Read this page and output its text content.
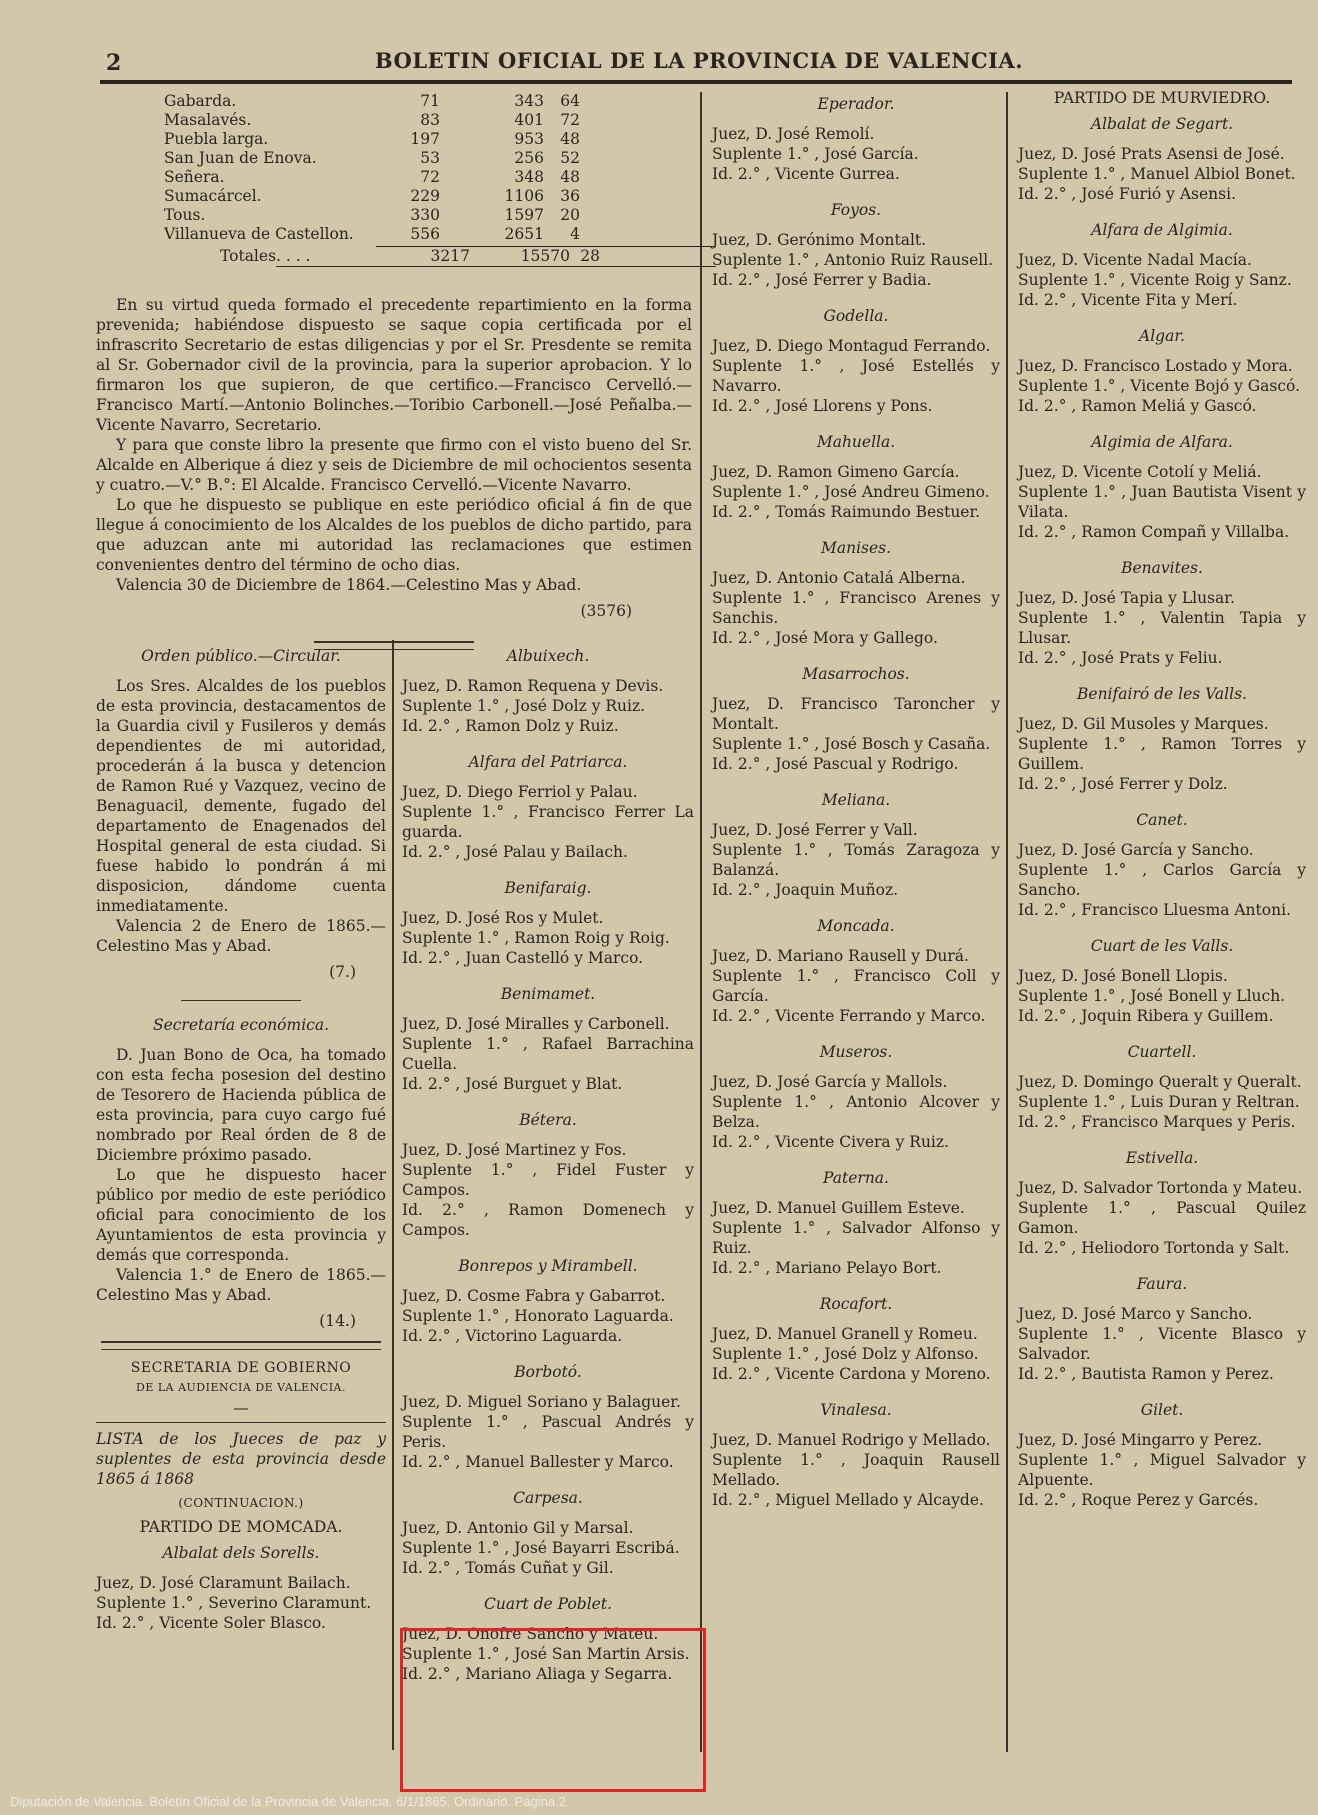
2	BOLETIN OFICIAL DE LA PROVINCIA DE VALENCIA.
Gabarda.	71	343	64
Masalavés.	83	401	72
Puebla larga.	197	953	48
San Juan de Enova.	53	256	52
Señera.	72	348	48
Sumacárcel.	229	1106	36
Tous.	330	1597	20
Villanueva de Castellon.	556	2651	4
Totales. . . .		3217	15570	28

En su virtud queda formado el precedente repartimiento en la forma prevenida; habiéndose dispuesto se saque copia certificada por el infrascrito Secretario de estas diligencias y por el Sr. Presdente se remita al Sr. Gobernador civil de la provincia, para la superior aprobacion. Y lo firmaron los que supieron, de que certifico.—Francisco Cervelló.—Francisco Martí.—Antonio Bolinches.—Toribio Carbonell.—José Peñalba.—Vicente Navarro, Secretario.

Y para que conste libro la presente que firmo con el visto bueno del Sr. Alcalde en Alberique á diez y seis de Diciembre de mil ochocientos sesenta y cuatro.—V.° B.°: El Alcalde. Francisco Cervelló.—Vicente Navarro.

Lo que he dispuesto se publique en este periódico oficial á fin de que llegue á conocimiento de los Alcaldes de los pueblos de dicho partido, para que aduzcan ante mi autoridad las reclamaciones que estimen convenientes dentro del término de ocho dias.

Valencia 30 de Diciembre de 1864.—Celestino Mas y Abad.

(3576)

Orden público.—Circular.

Los Sres. Alcaldes de los pueblos de esta provincia, destacamentos de la Guardia civil y Fusileros y demás dependientes de mi autoridad, procederán á la busca y detencion de Ramon Rué y Vazquez, vecino de Benaguacil, demente, fugado del departamento de Enagenados del Hospital general de esta ciudad. Si fuese habido lo pondrán á mi disposicion, dándome cuenta inmediatamente.

Valencia 2 de Enero de 1865.—Celestino Mas y Abad.

(7.)

Secretaría económica.

D. Juan Bono de Oca, ha tomado con esta fecha posesion del destino de Tesorero de Hacienda pública de esta provincia, para cuyo cargo fué nombrado por Real órden de 8 de Diciembre próximo pasado.

Lo que he dispuesto hacer público por medio de este periódico oficial para conocimiento de los Ayuntamientos de esta provincia y demás que corresponda.

Valencia 1.° de Enero de 1865.—Celestino Mas y Abad.

(14.)

SECRETARIA DE GOBIERNO
DE LA AUDIENCIA DE VALENCIA.
—
LISTA de los Jueces de paz y suplentes de esta provincia desde 1865 á 1868
(CONTINUACION.)
PARTIDO DE MOMCADA.
Albalat dels Sorells.

Juez, D. José Claramunt Bailach.

Suplente 1.° , Severino Claramunt.

Id. 2.° , Vicente Soler Blasco.

Albuixech.

Juez, D. Ramon Requena y Devis.

Suplente 1.° , José Dolz y Ruiz.

Id. 2.° , Ramon Dolz y Ruiz.

Alfara del Patriarca.

Juez, D. Diego Ferriol y Palau.

Suplente 1.° , Francisco Ferrer La guarda.

Id. 2.° , José Palau y Bailach.

Benifaraig.

Juez, D. José Ros y Mulet.

Suplente 1.° , Ramon Roig y Roig.

Id. 2.° , Juan Castelló y Marco.

Benimamet.

Juez, D. José Miralles y Carbonell.

Suplente 1.° , Rafael Barrachina Cuella.

Id. 2.° , José Burguet y Blat.

Bétera.

Juez, D. José Martinez y Fos.

Suplente 1.° , Fidel Fuster y Campos.

Id. 2.° , Ramon Domenech y Campos.

Bonrepos y Mirambell.

Juez, D. Cosme Fabra y Gabarrot.

Suplente 1.° , Honorato Laguarda.

Id. 2.° , Victorino Laguarda.

Borbotó.

Juez, D. Miguel Soriano y Balaguer.

Suplente 1.° , Pascual Andrés y Peris.

Id. 2.° , Manuel Ballester y Marco.

Carpesa.

Juez, D. Antonio Gil y Marsal.

Suplente 1.° , José Bayarri Escribá.

Id. 2.° , Tomás Cuñat y Gil.

Cuart de Poblet.

Juez, D. Onofre Sancho y Mateu.

Suplente 1.° , José San Martin Arsis.

Id. 2.° , Mariano Aliaga y Segarra.

Eperador.

Juez, D. José Remolí.

Suplente 1.° , José García.

Id. 2.° , Vicente Gurrea.

Foyos.

Juez, D. Gerónimo Montalt.

Suplente 1.° , Antonio Ruiz Rausell.

Id. 2.° , José Ferrer y Badia.

Godella.

Juez, D. Diego Montagud Ferrando.

Suplente 1.° , José Estellés y Navarro.

Id. 2.° , José Llorens y Pons.

Mahuella.

Juez, D. Ramon Gimeno García.

Suplente 1.° , José Andreu Gimeno.

Id. 2.° , Tomás Raimundo Bestuer.

Manises.

Juez, D. Antonio Catalá Alberna.

Suplente 1.° , Francisco Arenes y Sanchis.

Id. 2.° , José Mora y Gallego.

Masarrochos.

Juez, D. Francisco Taroncher y Montalt.

Suplente 1.° , José Bosch y Casaña.

Id. 2.° , José Pascual y Rodrigo.

Meliana.

Juez, D. José Ferrer y Vall.

Suplente 1.° , Tomás Zaragoza y Balanzá.

Id. 2.° , Joaquin Muñoz.

Moncada.

Juez, D. Mariano Rausell y Durá.

Suplente 1.° , Francisco Coll y García.

Id. 2.° , Vicente Ferrando y Marco.

Museros.

Juez, D. José García y Mallols.

Suplente 1.° , Antonio Alcover y Belza.

Id. 2.° , Vicente Civera y Ruiz.

Paterna.

Juez, D. Manuel Guillem Esteve.

Suplente 1.° , Salvador Alfonso y Ruiz.

Id. 2.° , Mariano Pelayo Bort.

Rocafort.

Juez, D. Manuel Granell y Romeu.

Suplente 1.° , José Dolz y Alfonso.

Id. 2.° , Vicente Cardona y Moreno.

Vinalesa.

Juez, D. Manuel Rodrigo y Mellado.

Suplente 1.° , Joaquin Rausell Mellado.

Id. 2.° , Miguel Mellado y Alcayde.

PARTIDO DE MURVIEDRO.
Albalat de Segart.

Juez, D. José Prats Asensi de José.

Suplente 1.° , Manuel Albiol Bonet.

Id. 2.° , José Furió y Asensi.

Alfara de Algimia.

Juez, D. Vicente Nadal Macía.

Suplente 1.° , Vicente Roig y Sanz.

Id. 2.° , Vicente Fita y Merí.

Algar.

Juez, D. Francisco Lostado y Mora.

Suplente 1.° , Vicente Bojó y Gascó.

Id. 2.° , Ramon Meliá y Gascó.

Algimia de Alfara.

Juez, D. Vicente Cotolí y Meliá.

Suplente 1.° , Juan Bautista Visent y Vilata.

Id. 2.° , Ramon Compañ y Villalba.

Benavites.

Juez, D. José Tapia y Llusar.

Suplente 1.° , Valentin Tapia y Llusar.

Id. 2.° , José Prats y Feliu.

Benifairó de les Valls.

Juez, D. Gil Musoles y Marques.

Suplente 1.° , Ramon Torres y Guillem.

Id. 2.° , José Ferrer y Dolz.

Canet.

Juez, D. José García y Sancho.

Suplente 1.° , Carlos García y Sancho.

Id. 2.° , Francisco Lluesma Antoni.

Cuart de les Valls.

Juez, D. José Bonell Llopis.

Suplente 1.° , José Bonell y Lluch.

Id. 2.° , Joquin Ribera y Guillem.

Cuartell.

Juez, D. Domingo Queralt y Queralt.

Suplente 1.° , Luis Duran y Reltran.

Id. 2.° , Francisco Marques y Peris.

Estivella.

Juez, D. Salvador Tortonda y Mateu.

Suplente 1.° , Pascual Quilez Gamon.

Id. 2.° , Heliodoro Tortonda y Salt.

Faura.

Juez, D. José Marco y Sancho.

Suplente 1.° , Vicente Blasco y Salvador.

Id. 2.° , Bautista Ramon y Perez.

Gilet.

Juez, D. José Mingarro y Perez.

Suplente 1.° , Miguel Salvador y Alpuente.

Id. 2.° , Roque Perez y Garcés.

Diputación de Valencia. Boletín Oficial de la Provincia de Valencia. 6/1/1865. Ordinario. Página 2
